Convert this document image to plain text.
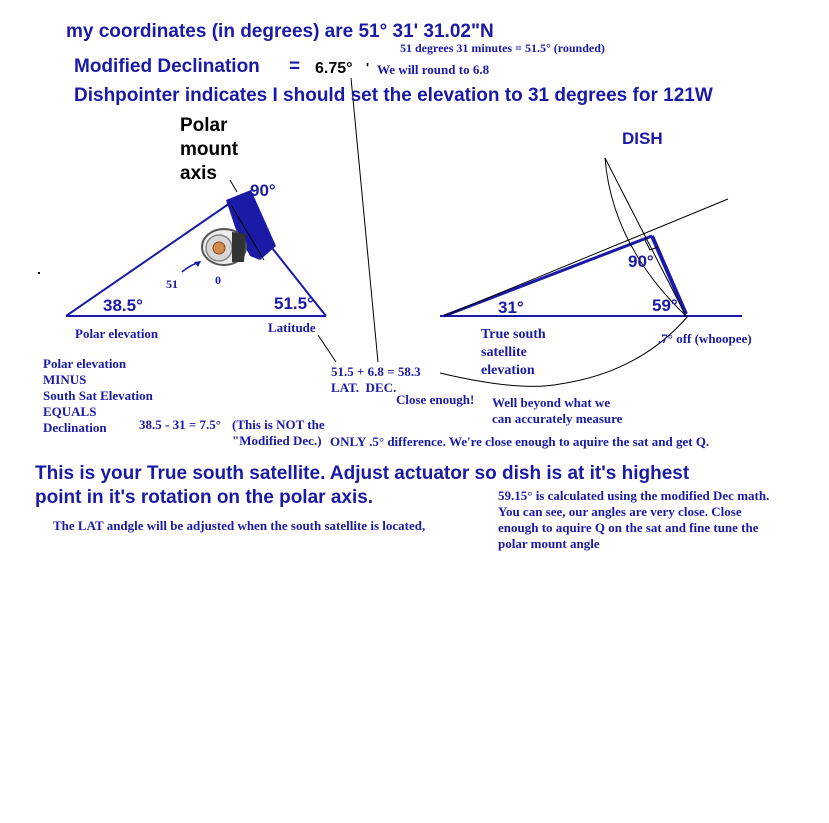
my coordinates (in degrees) are 51° 31' 31.02"N
51 degrees 31 minutes = 51.5° (rounded)
Modified Declination = 6.75° ' We will round to 6.8
Dishpointer indicates I should set the elevation to 31 degrees for 121W
Polar
mount
axis
90°
38.5°	51.5°
51	0
Polar elevation	Latitude
DISH
90°
31°	59°
True south
satellite
elevation
.7° off (whoopee)
Polar elevation
MINUS
South Sat Elevation
EQUALS
Declination 38.5 - 31 = 7.5° (This is NOT the
"Modified Dec.) ONLY .5° difference. We're close enough to aquire the sat and get Q.
51.5 + 6.8 = 58.3
LAT.  DEC.
Close enough! Well beyond what we
can accurately measure
This is your True south satellite. Adjust actuator so dish is at it's highest
point in it's rotation on the polar axis.
The LAT andgle will be adjusted when the south satellite is located,
59.15° is calculated using the modified Dec math.
You can see, our angles are very close. Close
enough to aquire Q on the sat and fine tune the
polar mount angle
